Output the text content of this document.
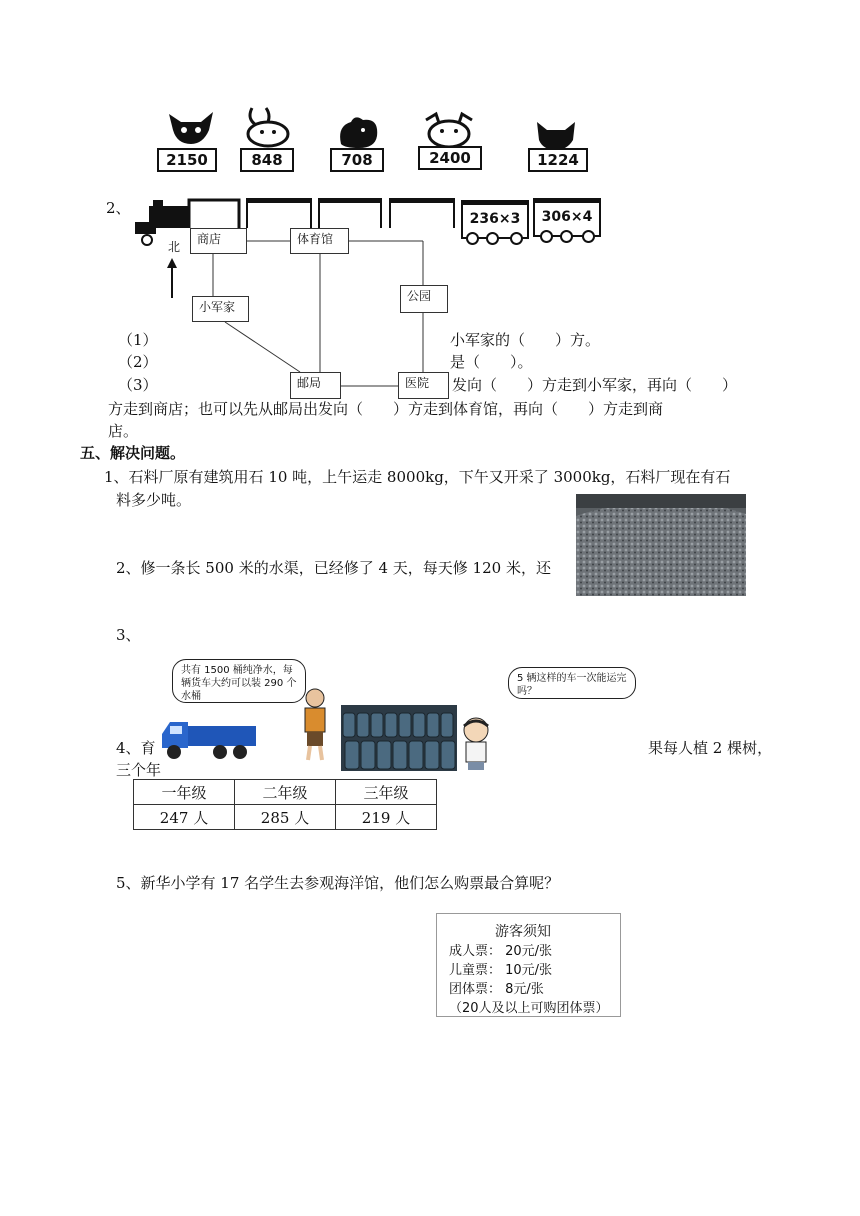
2150	848	708	2400	1224
2、
236×3	306×4
北
商店	体育馆
公园
小军家
邮局	医院
（1）	小军家的（　　）方。
（2）	是（　　）。
（3）	发向（　　）方走到小军家，再向（　　）
方走到商店；也可以先从邮局出发向（　　）方走到体育馆，再向（　　）方走到商
店。
五、解决问题。
1、石料厂原有建筑用石 10 吨，上午运走 8000kg，下午又开采了 3000kg，石料厂现在有石
料多少吨。
2、修一条长 500 米的水渠，已经修了 4 天，每天修 120 米，还
3、
共有 1500 桶纯净水，每辆货车大约可以装 290 个水桶
5 辆这样的车一次能运完吗？
4、育	果每人植 2 棵树，
三个年
一年级	二年级	三年级
247 人	285 人	219 人
5、新华小学有 17 名学生去参观海洋馆，他们怎么购票最合算呢？
游客须知
成人票： 20元/张
儿童票： 10元/张
团体票： 8元/张
（20人及以上可购团体票）
